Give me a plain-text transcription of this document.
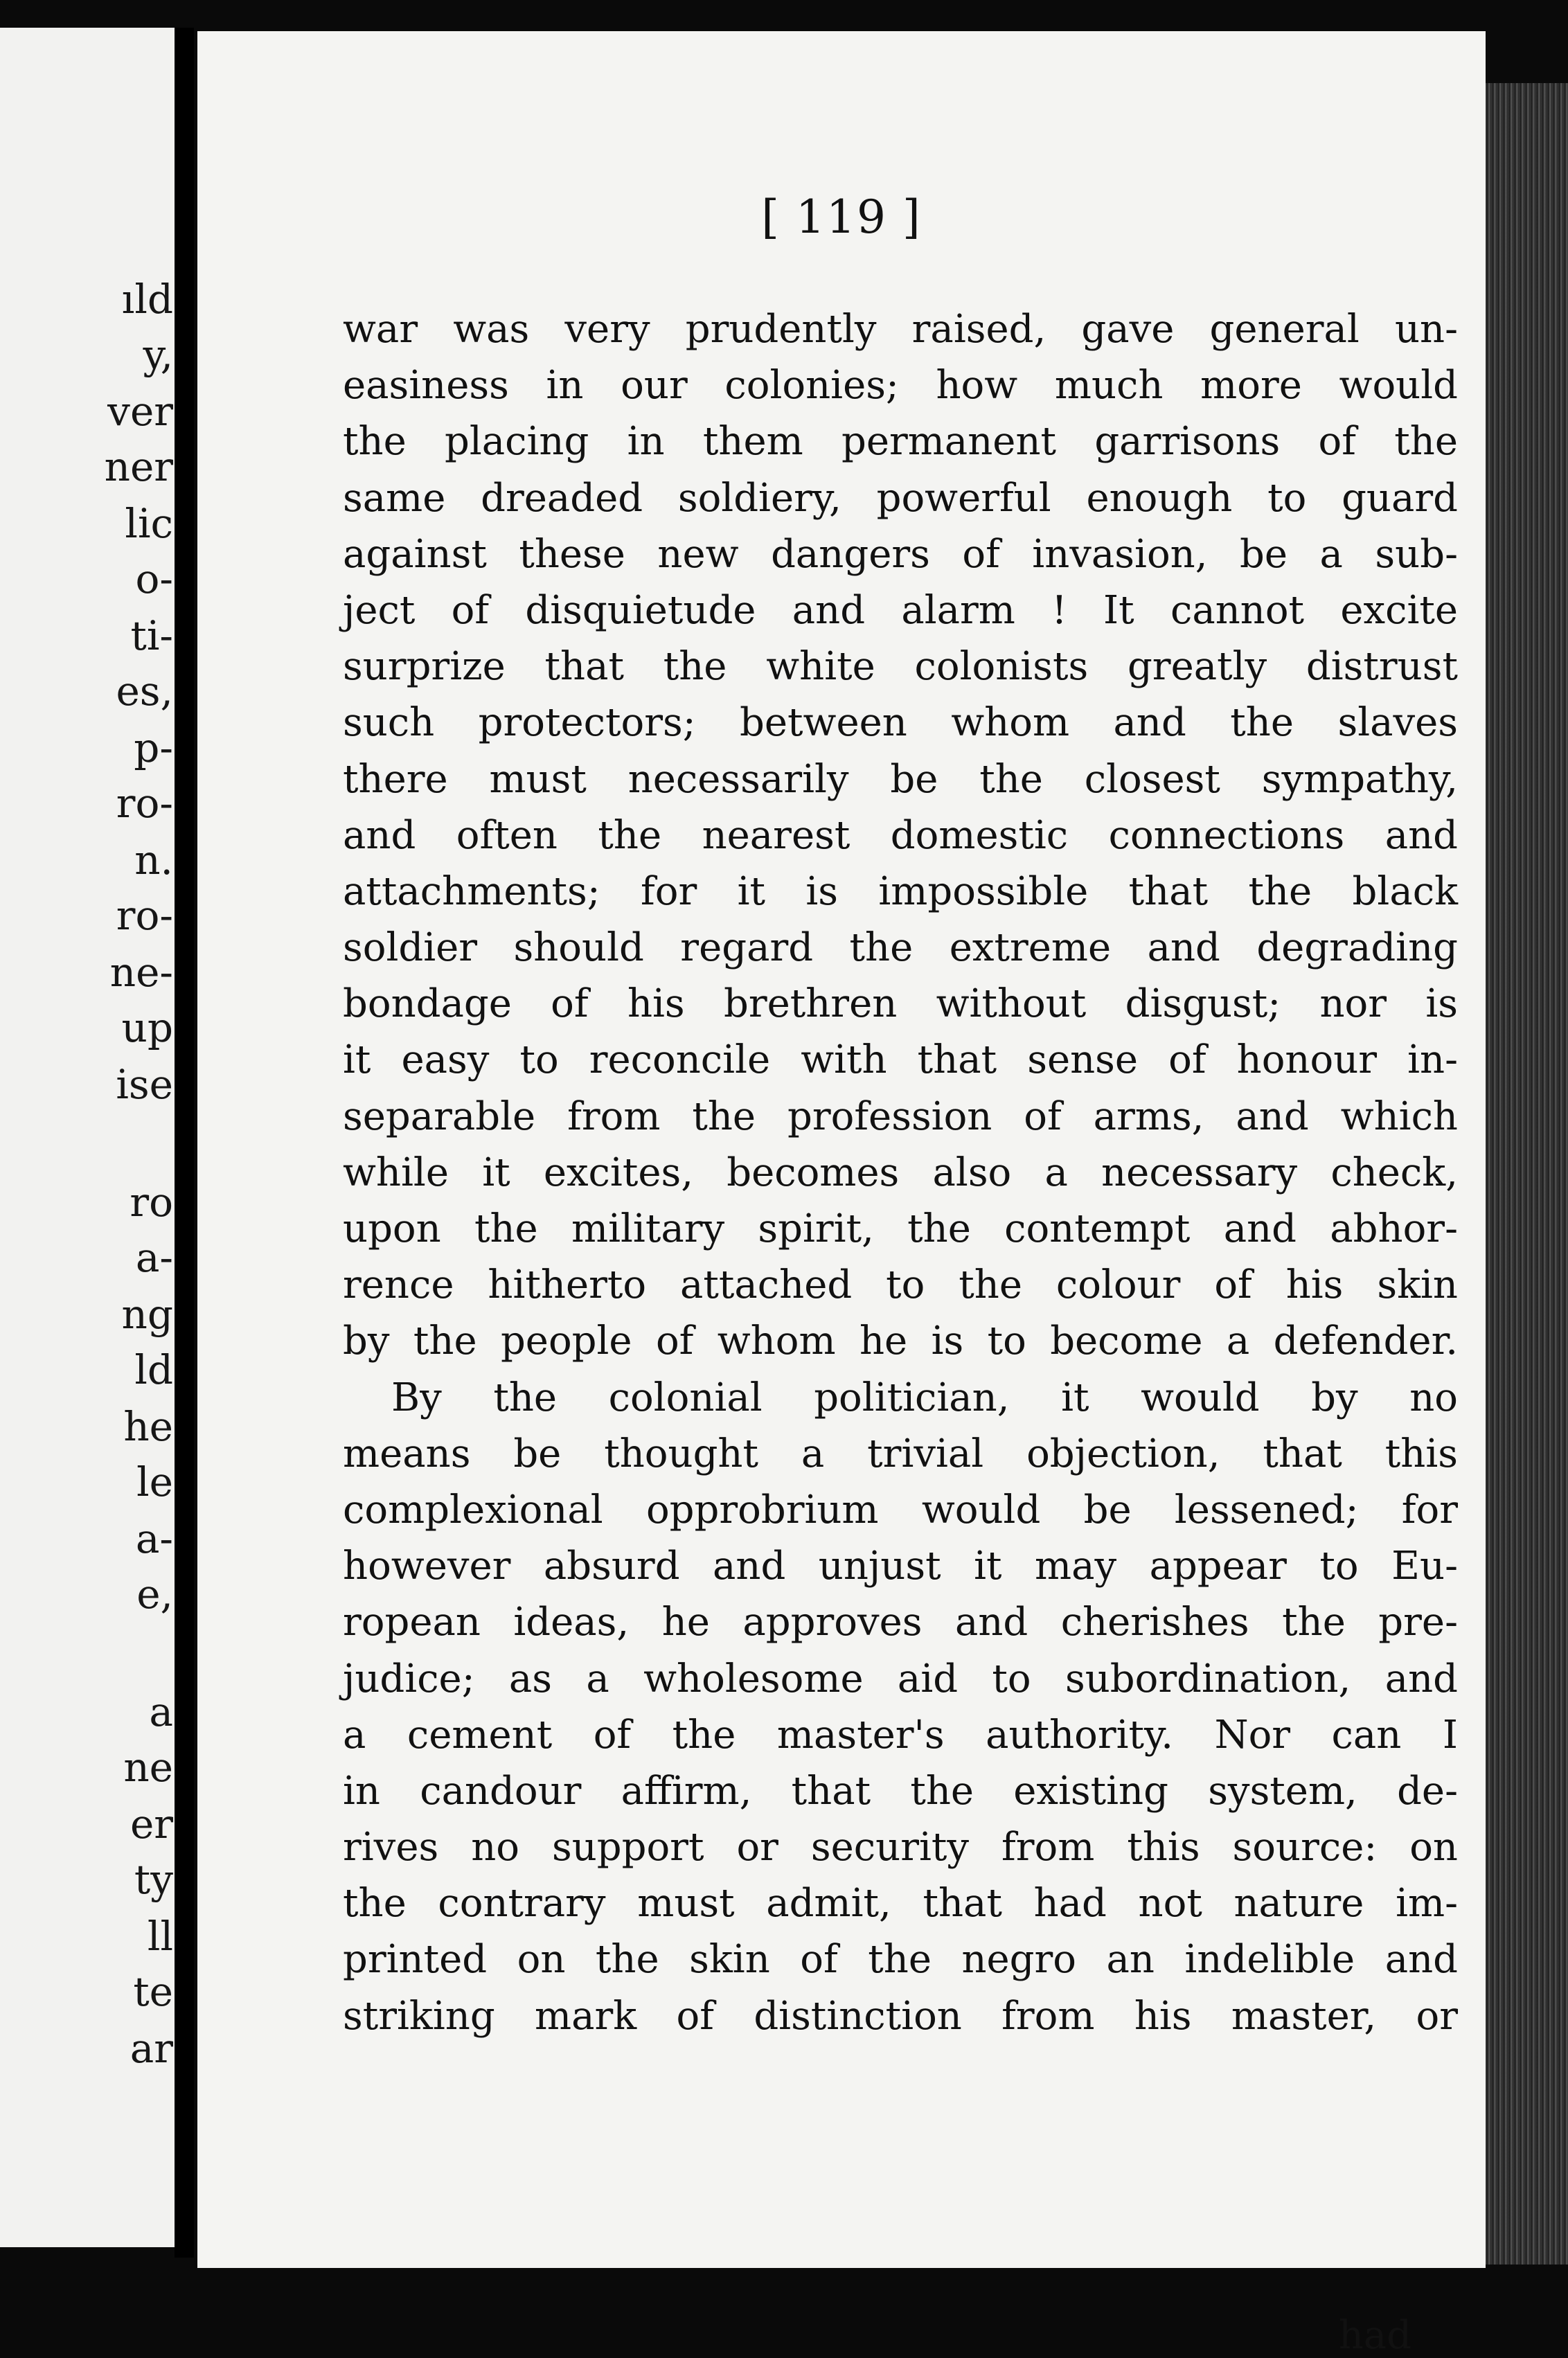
ıld
y,
ver
ner
lic
o-
ti-
es,
p-
ro-
n.
ro-
ne-
up
ise
ro
a-
ng
ld
he
le
a-
e,
a
ne
er
ty
ll
te
ar
[ 119 ]
war was very prudently raised, gave general un-
easiness in our colonies; how much more would
the placing in them permanent garrisons of the
same dreaded soldiery, powerful enough to guard
against these new dangers of invasion, be a sub-
ject of disquietude and alarm ! It cannot excite
surprize that the white colonists greatly distrust
such protectors; between whom and the slaves
there must necessarily be the closest sympathy,
and often the nearest domestic connections and
attachments; for it is impossible that the black
soldier should regard the extreme and degrading
bondage of his brethren without disgust; nor is
it easy to reconcile with that sense of honour in-
separable from the profession of arms, and which
while it excites, becomes also a necessary check,
upon the military spirit, the contempt and abhor-
rence hitherto attached to the colour of his skin
by the people of whom he is to become a defender.
By the colonial politician, it would by no
means be thought a trivial objection, that this
complexional opprobrium would be lessened; for
however absurd and unjust it may appear to Eu-
ropean ideas, he approves and cherishes the pre-
judice; as a wholesome aid to subordination, and
a cement of the master's authority. Nor can I
in candour affirm, that the existing system, de-
rives no support or security from this source: on
the contrary must admit, that had not nature im-
printed on the skin of the negro an indelible and
striking mark of distinction from his master, or
had
